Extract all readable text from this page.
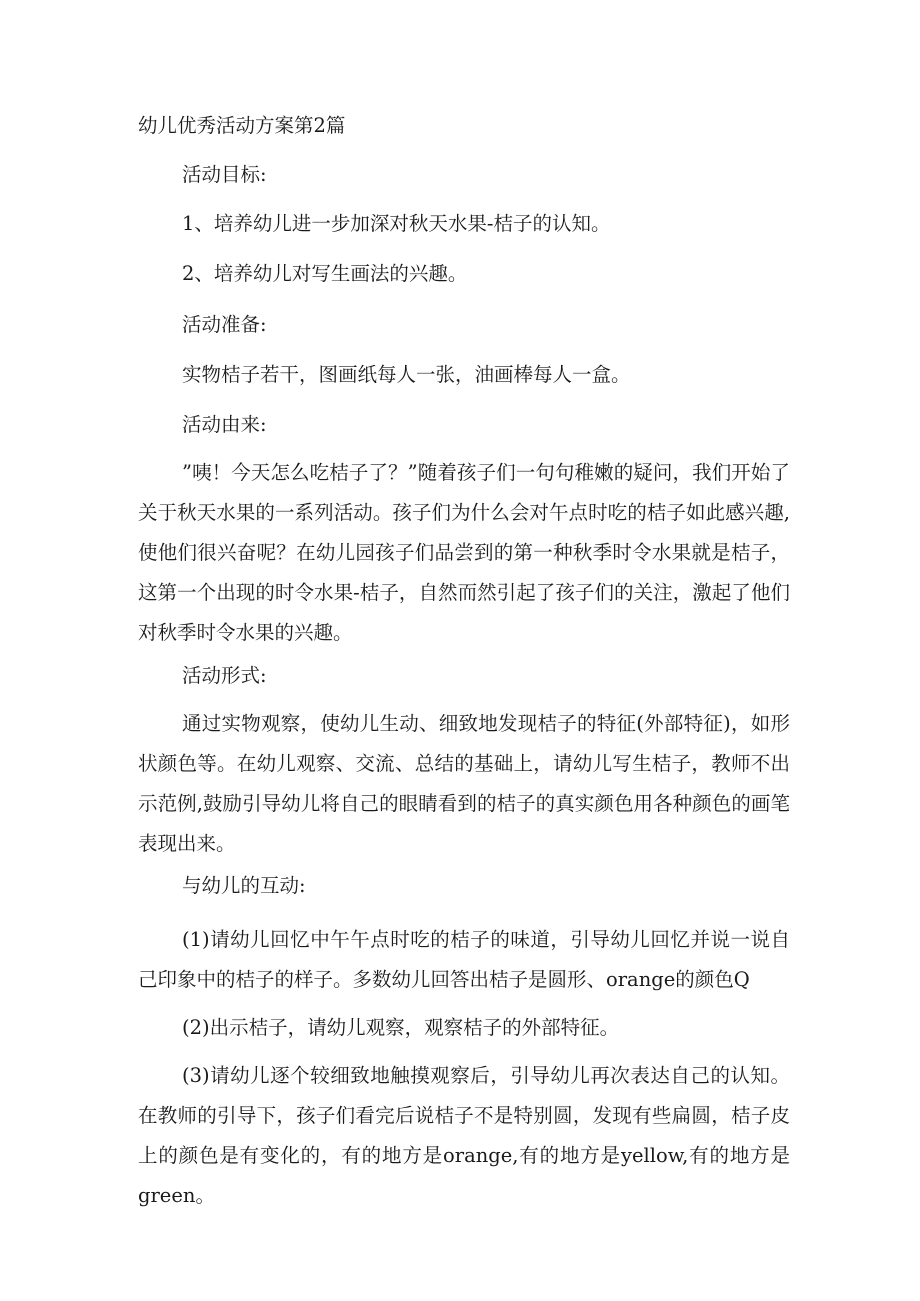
幼儿优秀活动方案第2篇

活动目标:

1、培养幼儿进一步加深对秋天水果-桔子的认知。

2、培养幼儿对写生画法的兴趣。

活动准备:

实物桔子若干，图画纸每人一张，油画棒每人一盒。

活动由来:

”咦！今天怎么吃桔子了？”随着孩子们一句句稚嫩的疑问，我们开始了关于秋天水果的一系列活动。孩子们为什么会对午点时吃的桔子如此感兴趣,使他们很兴奋呢？在幼儿园孩子们品尝到的第一种秋季时令水果就是桔子，这第一个出现的时令水果-桔子，自然而然引起了孩子们的关注，激起了他们对秋季时令水果的兴趣。

活动形式:

通过实物观察，使幼儿生动、细致地发现桔子的特征(外部特征)，如形状颜色等。在幼儿观察、交流、总结的基础上，请幼儿写生桔子，教师不出示范例,鼓励引导幼儿将自己的眼睛看到的桔子的真实颜色用各种颜色的画笔表现出来。

与幼儿的互动:

(1)请幼儿回忆中午午点时吃的桔子的味道，引导幼儿回忆并说一说自己印象中的桔子的样子。多数幼儿回答出桔子是圆形、orange的颜色Q

(2)出示桔子，请幼儿观察，观察桔子的外部特征。

(3)请幼儿逐个较细致地触摸观察后，引导幼儿再次表达自己的认知。在教师的引导下，孩子们看完后说桔子不是特别圆，发现有些扁圆，桔子皮上的颜色是有变化的，有的地方是orange,有的地方是yellow,有的地方是green。
